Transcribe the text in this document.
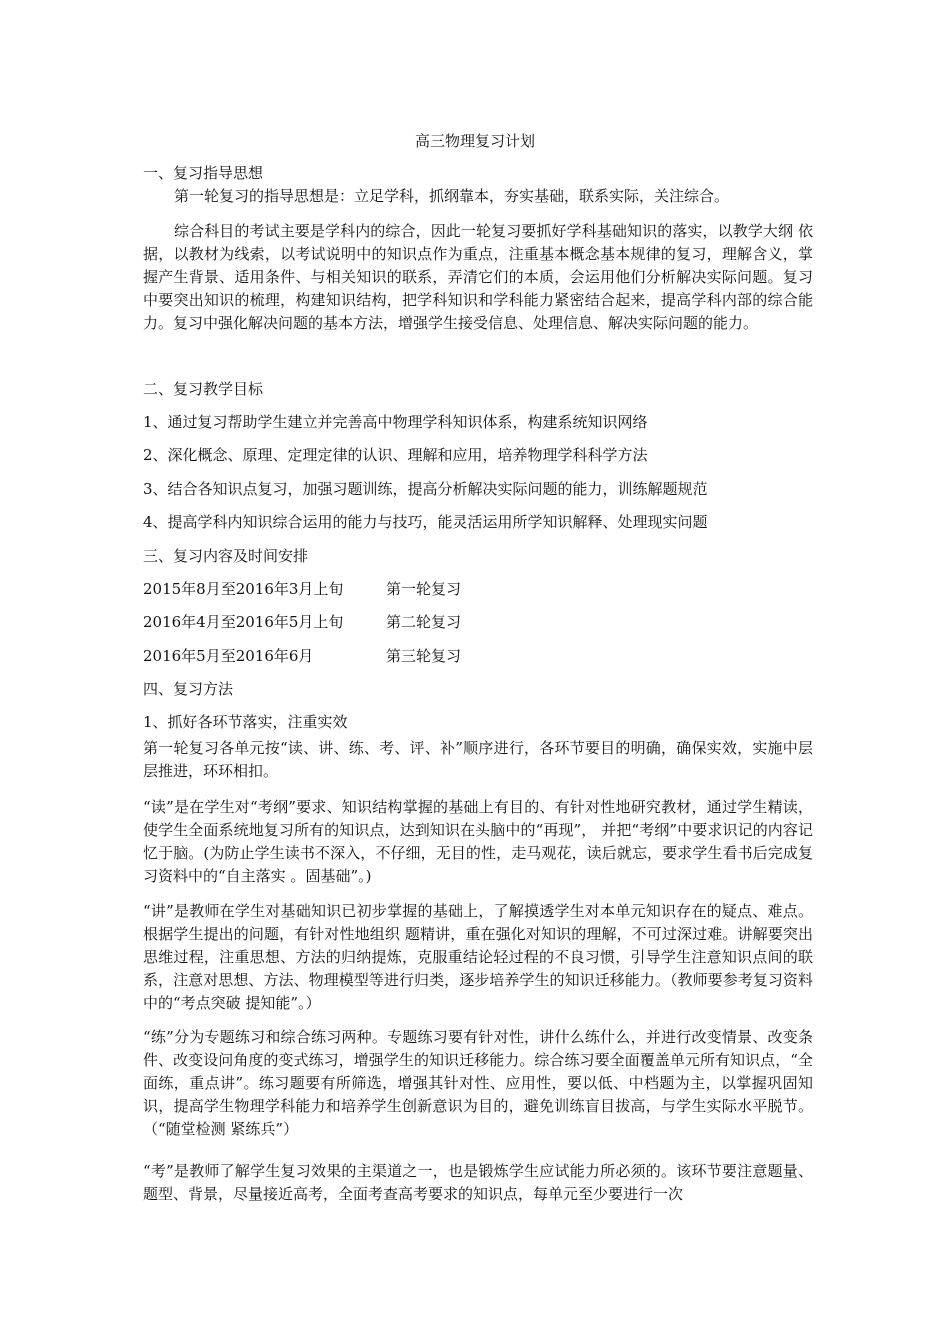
高三物理复习计划
一、复习指导思想
第一轮复习的指导思想是：立足学科，抓纲靠本，夯实基础，联系实际，关注综合。
综合科目的考试主要是学科内的综合，因此一轮复习要抓好学科基础知识的落实，以教学大纲 依据，以教材为线索，以考试说明中的知识点作为重点，注重基本概念基本规律的复习，理解含义，掌握产生背景、适用条件、与相关知识的联系，弄清它们的本质，会运用他们分析解决实际问题。复习中要突出知识的梳理，构建知识结构，把学科知识和学科能力紧密结合起来，提高学科内部的综合能力。复习中强化解决问题的基本方法，增强学生接受信息、处理信息、解决实际问题的能力。
二、复习教学目标
1、通过复习帮助学生建立并完善高中物理学科知识体系，构建系统知识网络
2、深化概念、原理、定理定律的认识、理解和应用，培养物理学科科学方法
3、结合各知识点复习，加强习题训练，提高分析解决实际问题的能力，训练解题规范
4、提高学科内知识综合运用的能力与技巧，能灵活运用所学知识解释、处理现实问题
三、复习内容及时间安排
2015年8月至2016年3月上旬	第一轮复习
2016年4月至2016年5月上旬	第二轮复习
2016年5月至2016年6月	第三轮复习
四、复习方法
1、抓好各环节落实，注重实效
第一轮复习各单元按“读、讲、练、考、评、补”顺序进行，各环节要目的明确，确保实效，实施中层层推进，环环相扣。
“读”是在学生对“考纲”要求、知识结构掌握的基础上有目的、有针对性地研究教材，通过学生精读，使学生全面系统地复习所有的知识点，达到知识在头脑中的“再现”， 并把“考纲”中要求识记的内容记忆于脑。(为防止学生读书不深入，不仔细，无目的性，走马观花，读后就忘，要求学生看书后完成复习资料中的“自主落实 。固基础”。)
“讲”是教师在学生对基础知识已初步掌握的基础上，了解摸透学生对本单元知识存在的疑点、难点。根据学生提出的问题，有针对性地组织 题精讲，重在强化对知识的理解，不可过深过难。讲解要突出思维过程，注重思想、方法的归纳提炼，克服重结论轻过程的不良习惯，引导学生注意知识点间的联系，注意对思想、方法、物理模型等进行归类，逐步培养学生的知识迁移能力。（教师要参考复习资料中的“考点突破 提知能”。）
“练”分为专题练习和综合练习两种。专题练习要有针对性，讲什么练什么，并进行改变情景、改变条件、改变设问角度的变式练习，增强学生的知识迁移能力。综合练习要全面覆盖单元所有知识点，“全面练，重点讲”。练习题要有所筛选，增强其针对性、应用性，要以低、中档题为主，以掌握巩固知识，提高学生物理学科能力和培养学生创新意识为目的，避免训练盲目拔高，与学生实际水平脱节。（“随堂检测 紧练兵”）
“考”是教师了解学生复习效果的主渠道之一，也是锻炼学生应试能力所必须的。该环节要注意题量、题型、背景，尽量接近高考，全面考查高考要求的知识点，每单元至少要进行一次
